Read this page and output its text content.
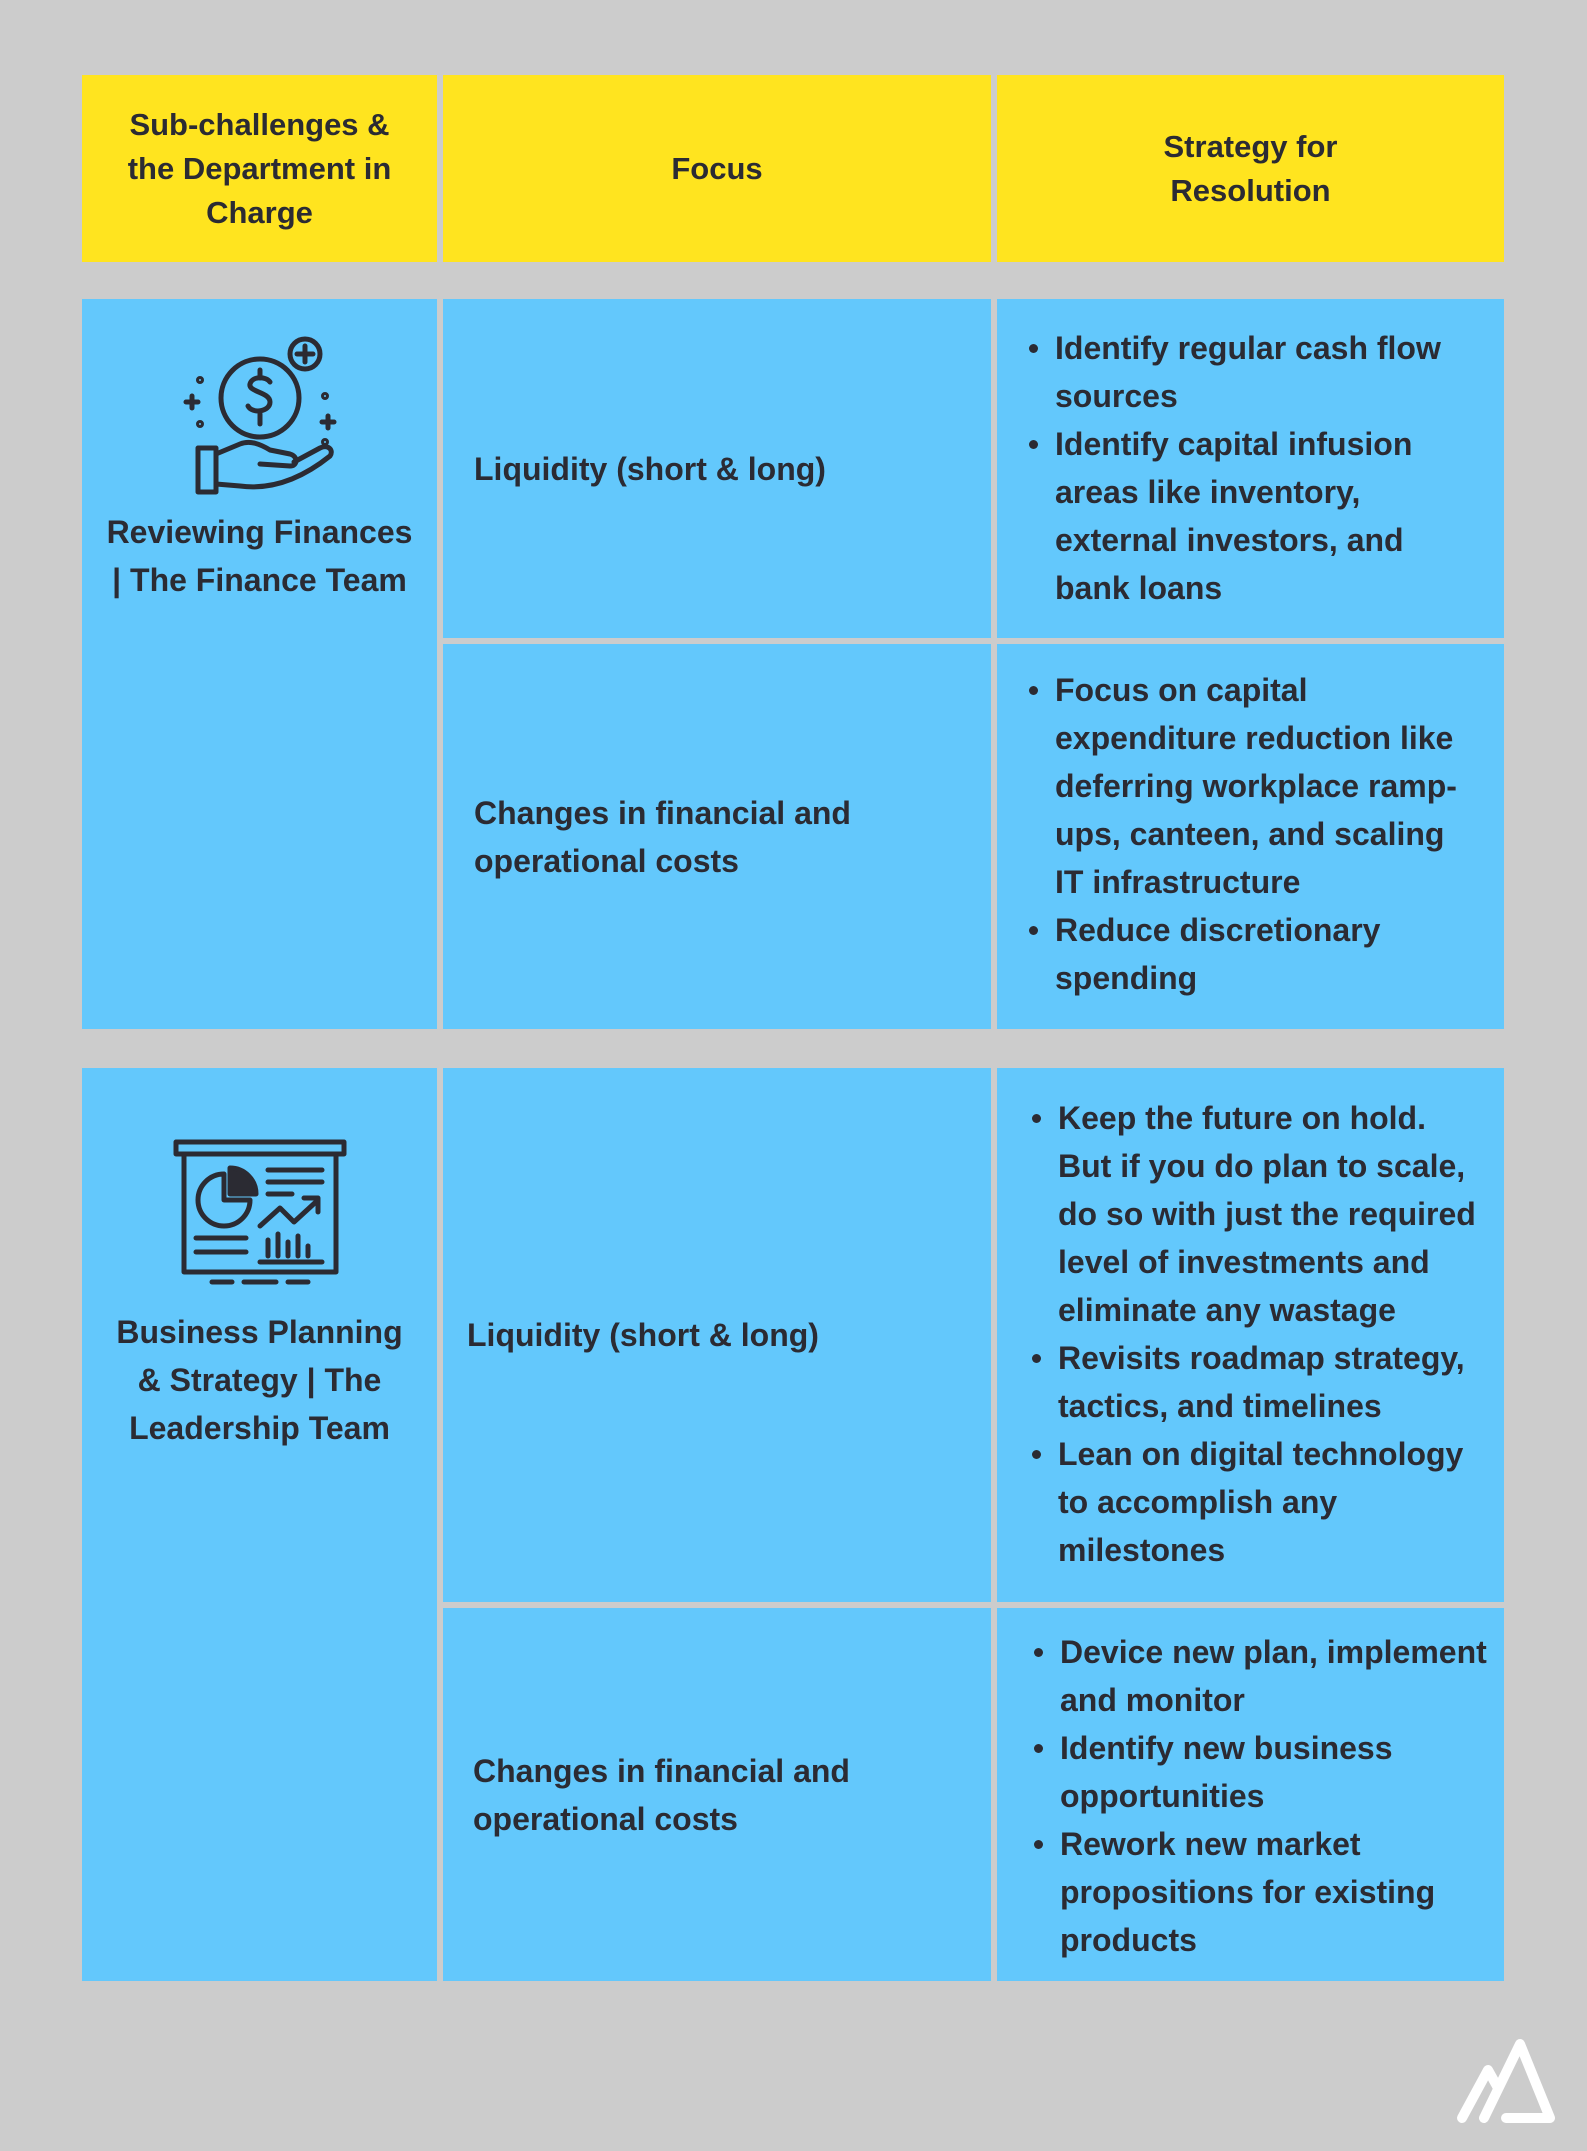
Sub-challenges &
the Department in
Charge
Focus
Strategy for
Resolution
Reviewing Finances
| The Finance Team
Liquidity (short & long)
Identify regular cash flow
sources
Identify capital infusion
areas like inventory,
external investors, and
bank loans
Changes in financial and
operational costs
Focus on capital
expenditure reduction like
deferring workplace ramp-
ups, canteen, and scaling
IT infrastructure
Reduce discretionary
spending
Business Planning
& Strategy | The
Leadership Team
Liquidity (short & long)
Keep the future on hold.
But if you do plan to scale,
do so with just the required
level of investments and
eliminate any wastage
Revisits roadmap strategy,
tactics, and timelines
Lean on digital technology
to accomplish any
milestones
Changes in financial and
operational costs
Device new plan, implement
and monitor
Identify new business
opportunities
Rework new market
propositions for existing
products
